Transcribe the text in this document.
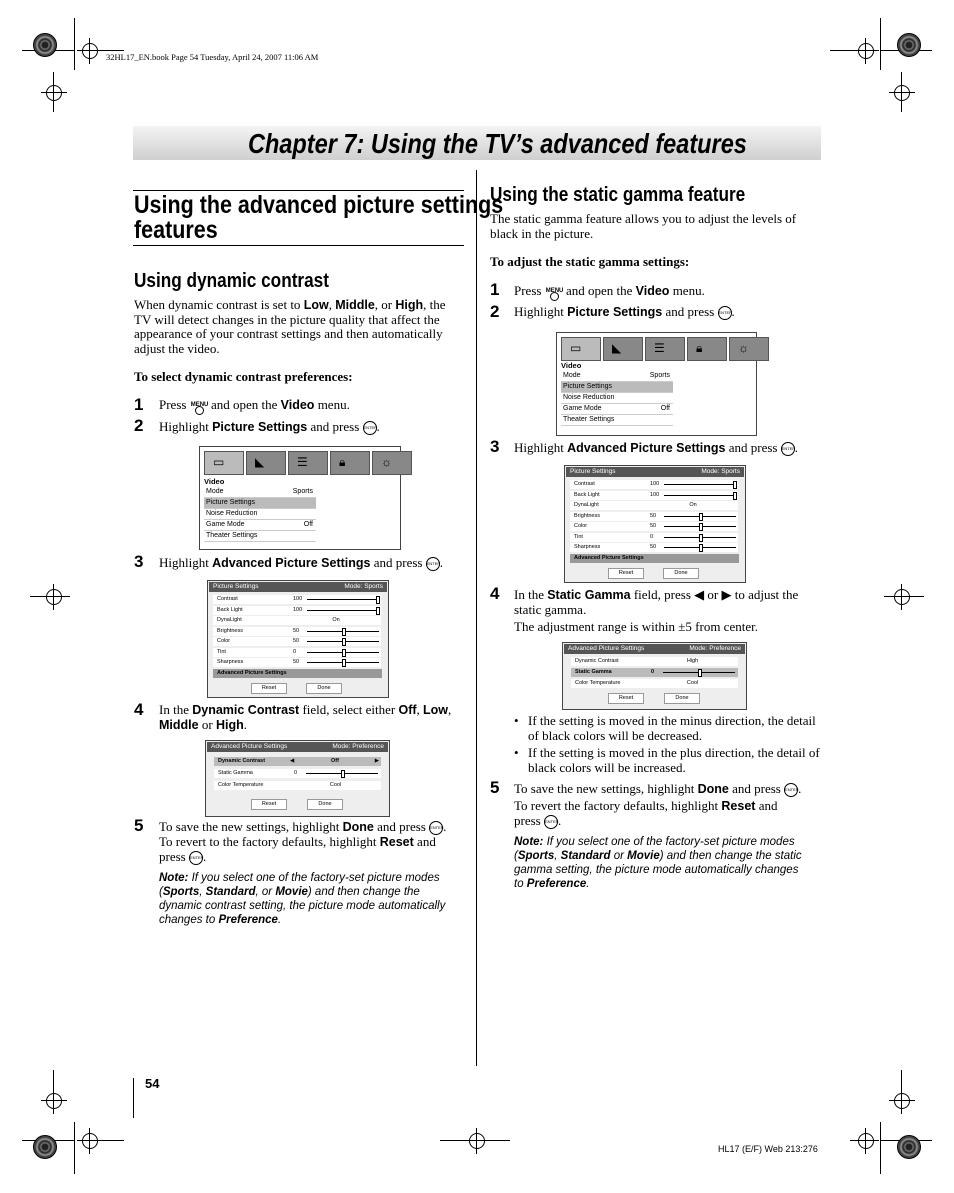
32HL17_EN.book Page 54 Tuesday, April 24, 2007 11:06 AM
Chapter 7: Using the TV’s advanced features
Using the advanced picture settings
features
Using dynamic contrast
When dynamic contrast is set to Low, Middle, or High, the TV will detect changes in the picture quality that affect the appearance of your contrast settings and then automatically adjust the video.
To select dynamic contrast preferences:
1 Press MENU and open the Video menu.
2 Highlight Picture Settings and press ENTER.
▭	◣	☰	🔒︎	☼
Video
Mode	Sports
Picture Settings
Noise Reduction
Game Mode	Off
Theater Settings
3 Highlight Advanced Picture Settings and press ENTER.
Picture Settings	Mode: Sports
Contrast	100
Back Light	100
DynaLight	On
Brightness	50
Color	50
Tint	0
Sharpness	50
Advanced Picture Settings
Reset	Done
4 In the Dynamic Contrast field, select either Off, Low,
Middle or High.
Advanced Picture Settings	Mode: Preference
Dynamic Contrast	◀	Off	▶
Static Gamma	0
Color Temperature	Cool
Reset	Done
5 To save the new settings, highlight Done and press ENTER.
To revert to the factory defaults, highlight Reset and
press ENTER.
Note: If you select one of the factory-set picture modes
(Sports, Standard, or Movie) and then change the
dynamic contrast setting, the picture mode automatically
changes to Preference.
Using the static gamma feature
The static gamma feature allows you to adjust the levels of black in the picture.
To adjust the static gamma settings:
1 Press MENU and open the Video menu.
2 Highlight Picture Settings and press ENTER.
▭	◣	☰	🔒︎	☼
Video
Mode	Sports
Picture Settings
Noise Reduction
Game Mode	Off
Theater Settings
3 Highlight Advanced Picture Settings and press ENTER.
Picture Settings	Mode: Sports
Contrast	100
Back Light	100
DynaLight	On
Brightness	50
Color	50
Tint	0
Sharpness	50
Advanced Picture Settings
Reset	Done
4 In the Static Gamma field, press ◀ or ▶ to adjust the
static gamma.
The adjustment range is within ±5 from center.
Advanced Picture Settings	Mode: Preference
Dynamic Contrast	High
Static Gamma	0
Color Temperature	Cool
Reset	Done
• If the setting is moved in the minus direction, the detail of black colors will be decreased.
• If the setting is moved in the plus direction, the detail of black colors will be increased.
5 To save the new settings, highlight Done and press ENTER.

To revert the factory defaults, highlight Reset and
press ENTER.
Note: If you select one of the factory-set picture modes
(Sports, Standard or Movie) and then change the static
gamma setting, the picture mode automatically changes
to Preference.
54
HL17 (E/F) Web 213:276
